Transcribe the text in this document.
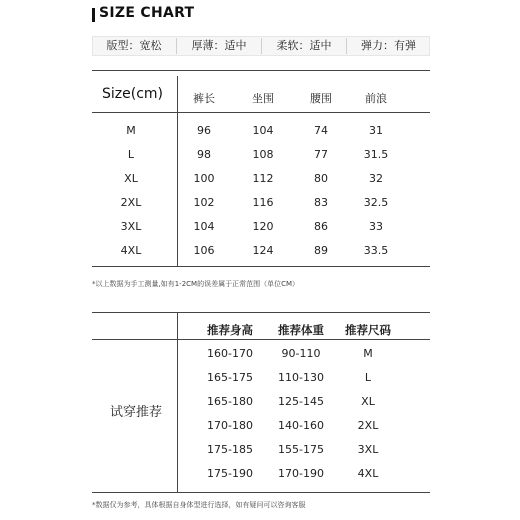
SIZE CHART
版型：宽松	厚薄：适中	柔软：适中	弹力：有弹
Size(cm)	裤长	坐围	腰围	前浪
M	96	104	74	31
L	98	108	77	31.5
XL	100	112	80	32
2XL	102	116	83	32.5
3XL	104	120	86	33
4XL	106	124	89	33.5
*以上数据为手工测量,如有1-2CM的误差属于正常范围（单位CM）
推荐身高	推荐体重	推荐尺码
试穿推荐
160-170	90-110	M
165-175	110-130	L
165-180	125-145	XL
170-180	140-160	2XL
175-185	155-175	3XL
175-190	170-190	4XL
*数据仅为参考，具体根据自身体型进行选择，如有疑问可以咨询客服
